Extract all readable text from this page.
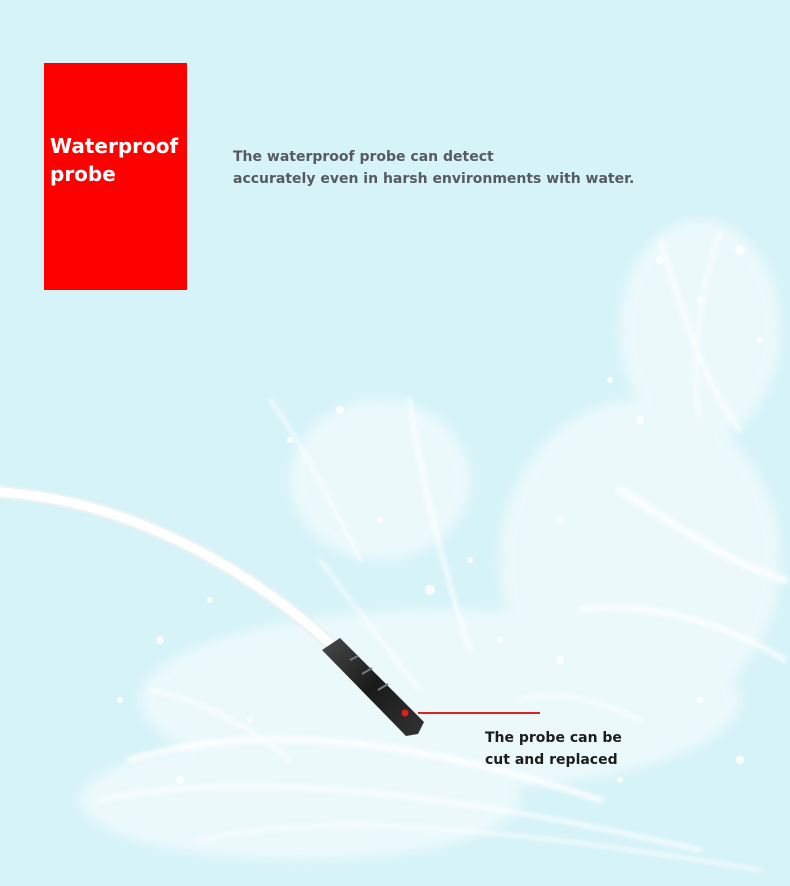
Waterproof
probe

The waterproof probe can detect
accurately even in harsh environments with water.

The probe can be
cut and replaced
